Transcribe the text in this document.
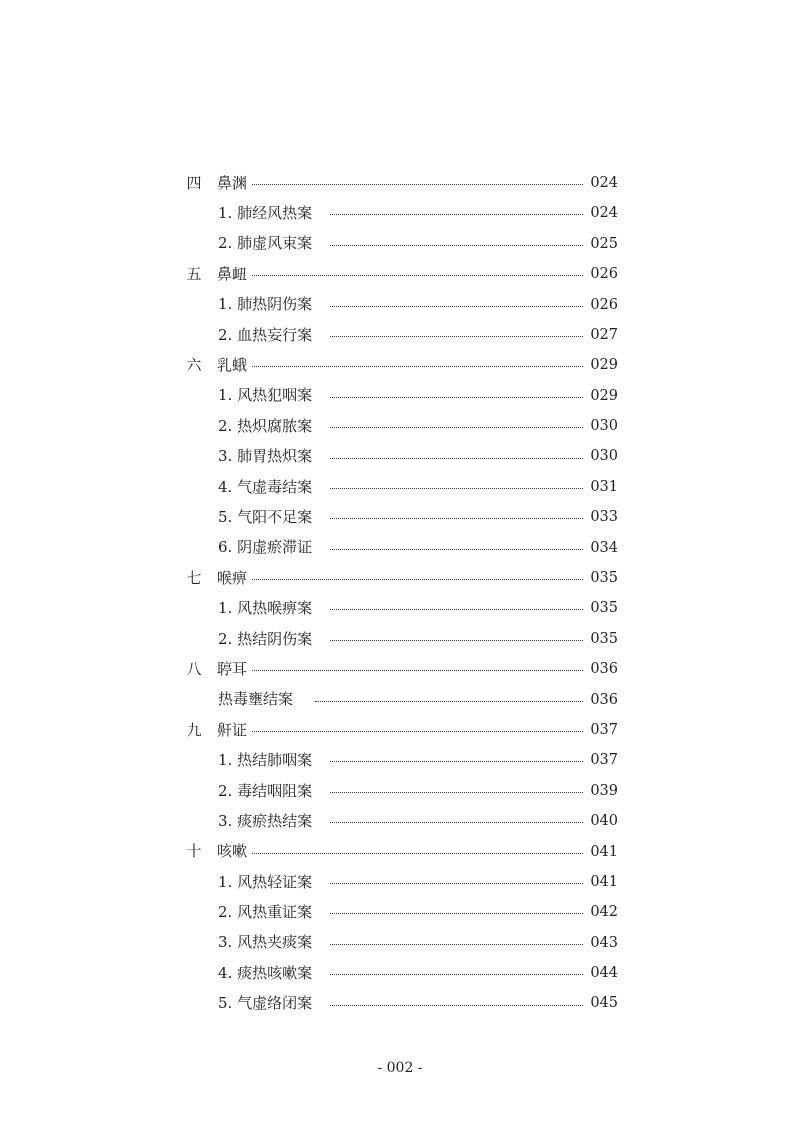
四 鼻渊	024
1. 肺经风热案	024
2. 肺虚风束案	025
五 鼻衄	026
1. 肺热阴伤案	026
2. 血热妄行案	027
六 乳蛾	029
1. 风热犯咽案	029
2. 热炽腐脓案	030
3. 肺胃热炽案	030
4. 气虚毒结案	031
5. 气阳不足案	033
6. 阴虚瘀滞证	034
七 喉痹	035
1. 风热喉痹案	035
2. 热结阴伤案	035
八 聤耳	036
热毒壅结案	036
九 鼾证	037
1. 热结肺咽案	037
2. 毒结咽阻案	039
3. 痰瘀热结案	040
十 咳嗽	041
1. 风热轻证案	041
2. 风热重证案	042
3. 风热夹痰案	043
4. 痰热咳嗽案	044
5. 气虚络闭案	045
- 002 -
